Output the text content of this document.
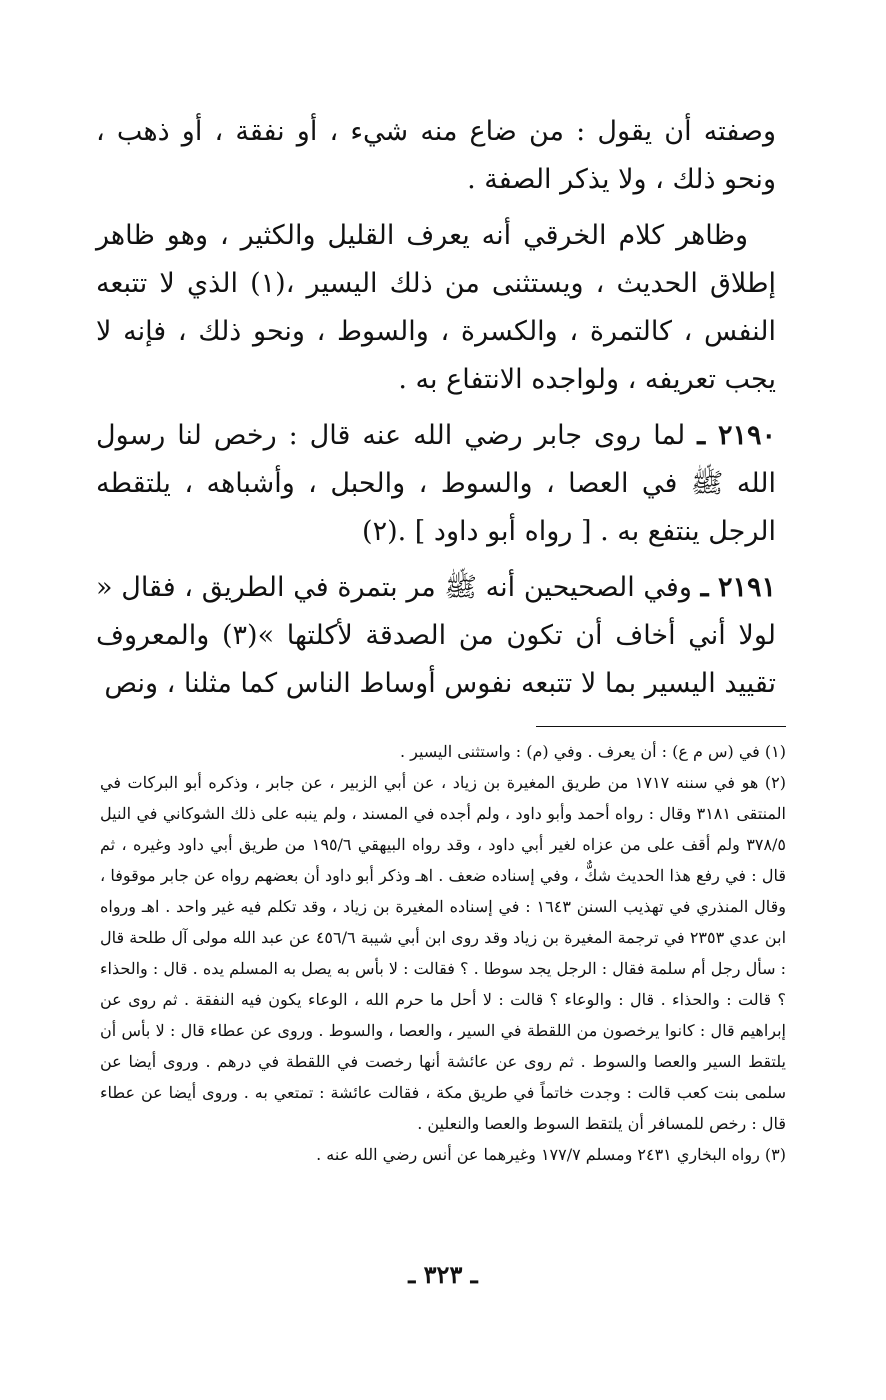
وصفته أن يقول : من ضاع منه شيء ، أو نفقة ، أو ذهب ، ونحو ذلك ، ولا يذكر الصفة .

وظاهر كلام الخرقي أنه يعرف القليل والكثير ، وهو ظاهر إطلاق الحديث ، ويستثنى من ذلك اليسير ،(١) الذي لا تتبعه النفس ، كالتمرة ، والكسرة ، والسوط ، ونحو ذلك ، فإنه لا يجب تعريفه ، ولواجده الانتفاع به .

٢١٩٠ ـ لما روى جابر رضي الله عنه قال : رخص لنا رسول الله ﷺ في العصا ، والسوط ، والحبل ، وأشباهه ، يلتقطه الرجل ينتفع به . [ رواه أبو داود ] .(٢)

٢١٩١ ـ وفي الصحيحين أنه ﷺ مر بتمرة في الطريق ، فقال « لولا أني أخاف أن تكون من الصدقة لأكلتها »(٣) والمعروف تقييد اليسير بما لا تتبعه نفوس أوساط الناس كما مثلنا ، ونص

(١) في (س م ع) : أن يعرف . وفي (م) : واستثنى اليسير .

(٢) هو في سننه ١٧١٧ من طريق المغيرة بن زياد ، عن أبي الزبير ، عن جابر ، وذكره أبو البركات في المنتقى ٣١٨١ وقال : رواه أحمد وأبو داود ، ولم أجده في المسند ، ولم ينبه على ذلك الشوكاني في النيل ٣٧٨/٥ ولم أقف على من عزاه لغير أبي داود ، وقد رواه البيهقي ١٩٥/٦ من طريق أبي داود وغيره ، ثم قال : في رفع هذا الحديث شكٌّ ، وفي إسناده ضعف . اهـ وذكر أبو داود أن بعضهم رواه عن جابر موقوفا ، وقال المنذري في تهذيب السنن ١٦٤٣ : في إسناده المغيرة بن زياد ، وقد تكلم فيه غير واحد . اهـ ورواه ابن عدي ٢٣٥٣ في ترجمة المغيرة بن زياد وقد روى ابن أبي شيبة ٤٥٦/٦ عن عبد الله مولى آل طلحة قال : سأل رجل أم سلمة فقال : الرجل يجد سوطا . ؟ فقالت : لا بأس به يصل به المسلم يده . قال : والحذاء ؟ قالت : والحذاء . قال : والوعاء ؟ قالت : لا أحل ما حرم الله ، الوعاء يكون فيه النفقة . ثم روى عن إبراهيم قال : كانوا يرخصون من اللقطة في السير ، والعصا ، والسوط . وروى عن عطاء قال : لا بأس أن يلتقط السير والعصا والسوط . ثم روى عن عائشة أنها رخصت في اللقطة في درهم . وروى أيضا عن سلمى بنت كعب قالت : وجدت خاتماً في طريق مكة ، فقالت عائشة : تمتعي به . وروى أيضا عن عطاء قال : رخص للمسافر أن يلتقط السوط والعصا والنعلين .

(٣) رواه البخاري ٢٤٣١ ومسلم ١٧٧/٧ وغيرهما عن أنس رضي الله عنه .

ـ ٣٢٣ ـ
